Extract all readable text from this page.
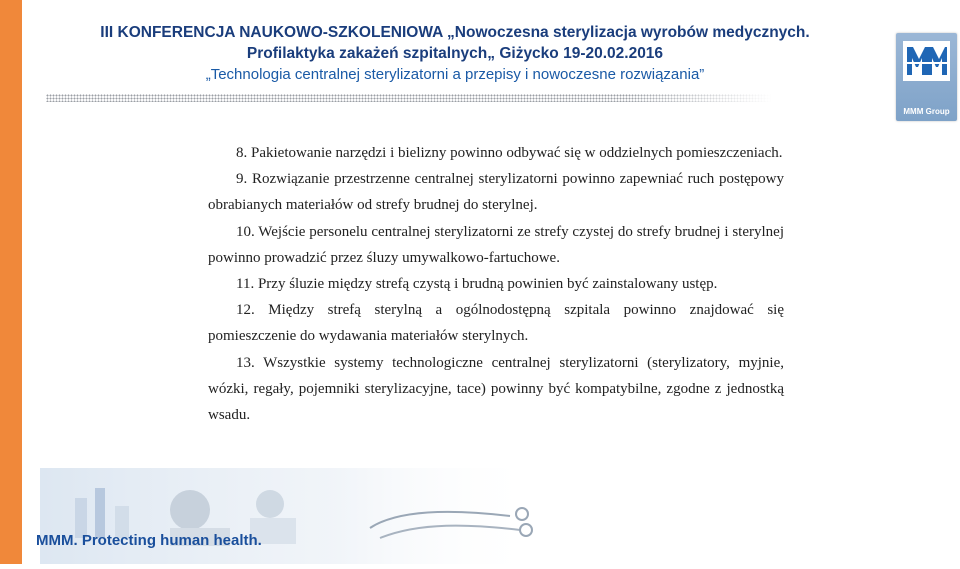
III KONFERENCJA NAUKOWO-SZKOLENIOWA „Nowoczesna sterylizacja wyrobów medycznych.
Profilaktyka zakażeń szpitalnych„ Giżycko 19-20.02.2016
„Technologia centralnej sterylizatorni a przepisy i nowoczesne rozwiązania”
MMM Group

8. Pakietowanie narzędzi i bielizny powinno odbywać się w oddzielnych pomieszczeniach.

9. Rozwiązanie przestrzenne centralnej sterylizatorni powinno zapewniać ruch postępowy obrabianych materiałów od strefy brudnej do sterylnej.

10. Wejście personelu centralnej sterylizatorni ze strefy czystej do strefy brudnej i sterylnej powinno prowadzić przez śluzy umywalkowo-fartuchowe.

11. Przy śluzie między strefą czystą i brudną powinien być zainstalowany ustęp.

12. Między strefą sterylną a ogólnodostępną szpitala powinno znajdować się pomieszczenie do wydawania materiałów sterylnych.

13. Wszystkie systemy technologiczne centralnej sterylizatorni (sterylizatory, myjnie, wózki, regały, pojemniki sterylizacyjne, tace) powinny być kompatybilne, zgodne z jednostką wsadu.

MMM. Protecting human health.
